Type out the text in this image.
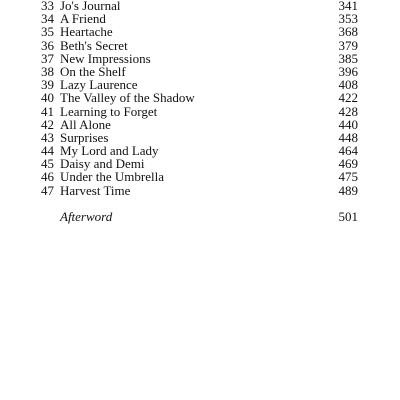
33 Jo's Journal	341
34 A Friend	353
35 Heartache	368
36 Beth's Secret	379
37 New Impressions	385
38 On the Shelf	396
39 Lazy Laurence	408
40 The Valley of the Shadow	422
41 Learning to Forget	428
42 All Alone	440
43 Surprises	448
44 My Lord and Lady	464
45 Daisy and Demi	469
46 Under the Umbrella	475
47 Harvest Time	489
Afterword	501
